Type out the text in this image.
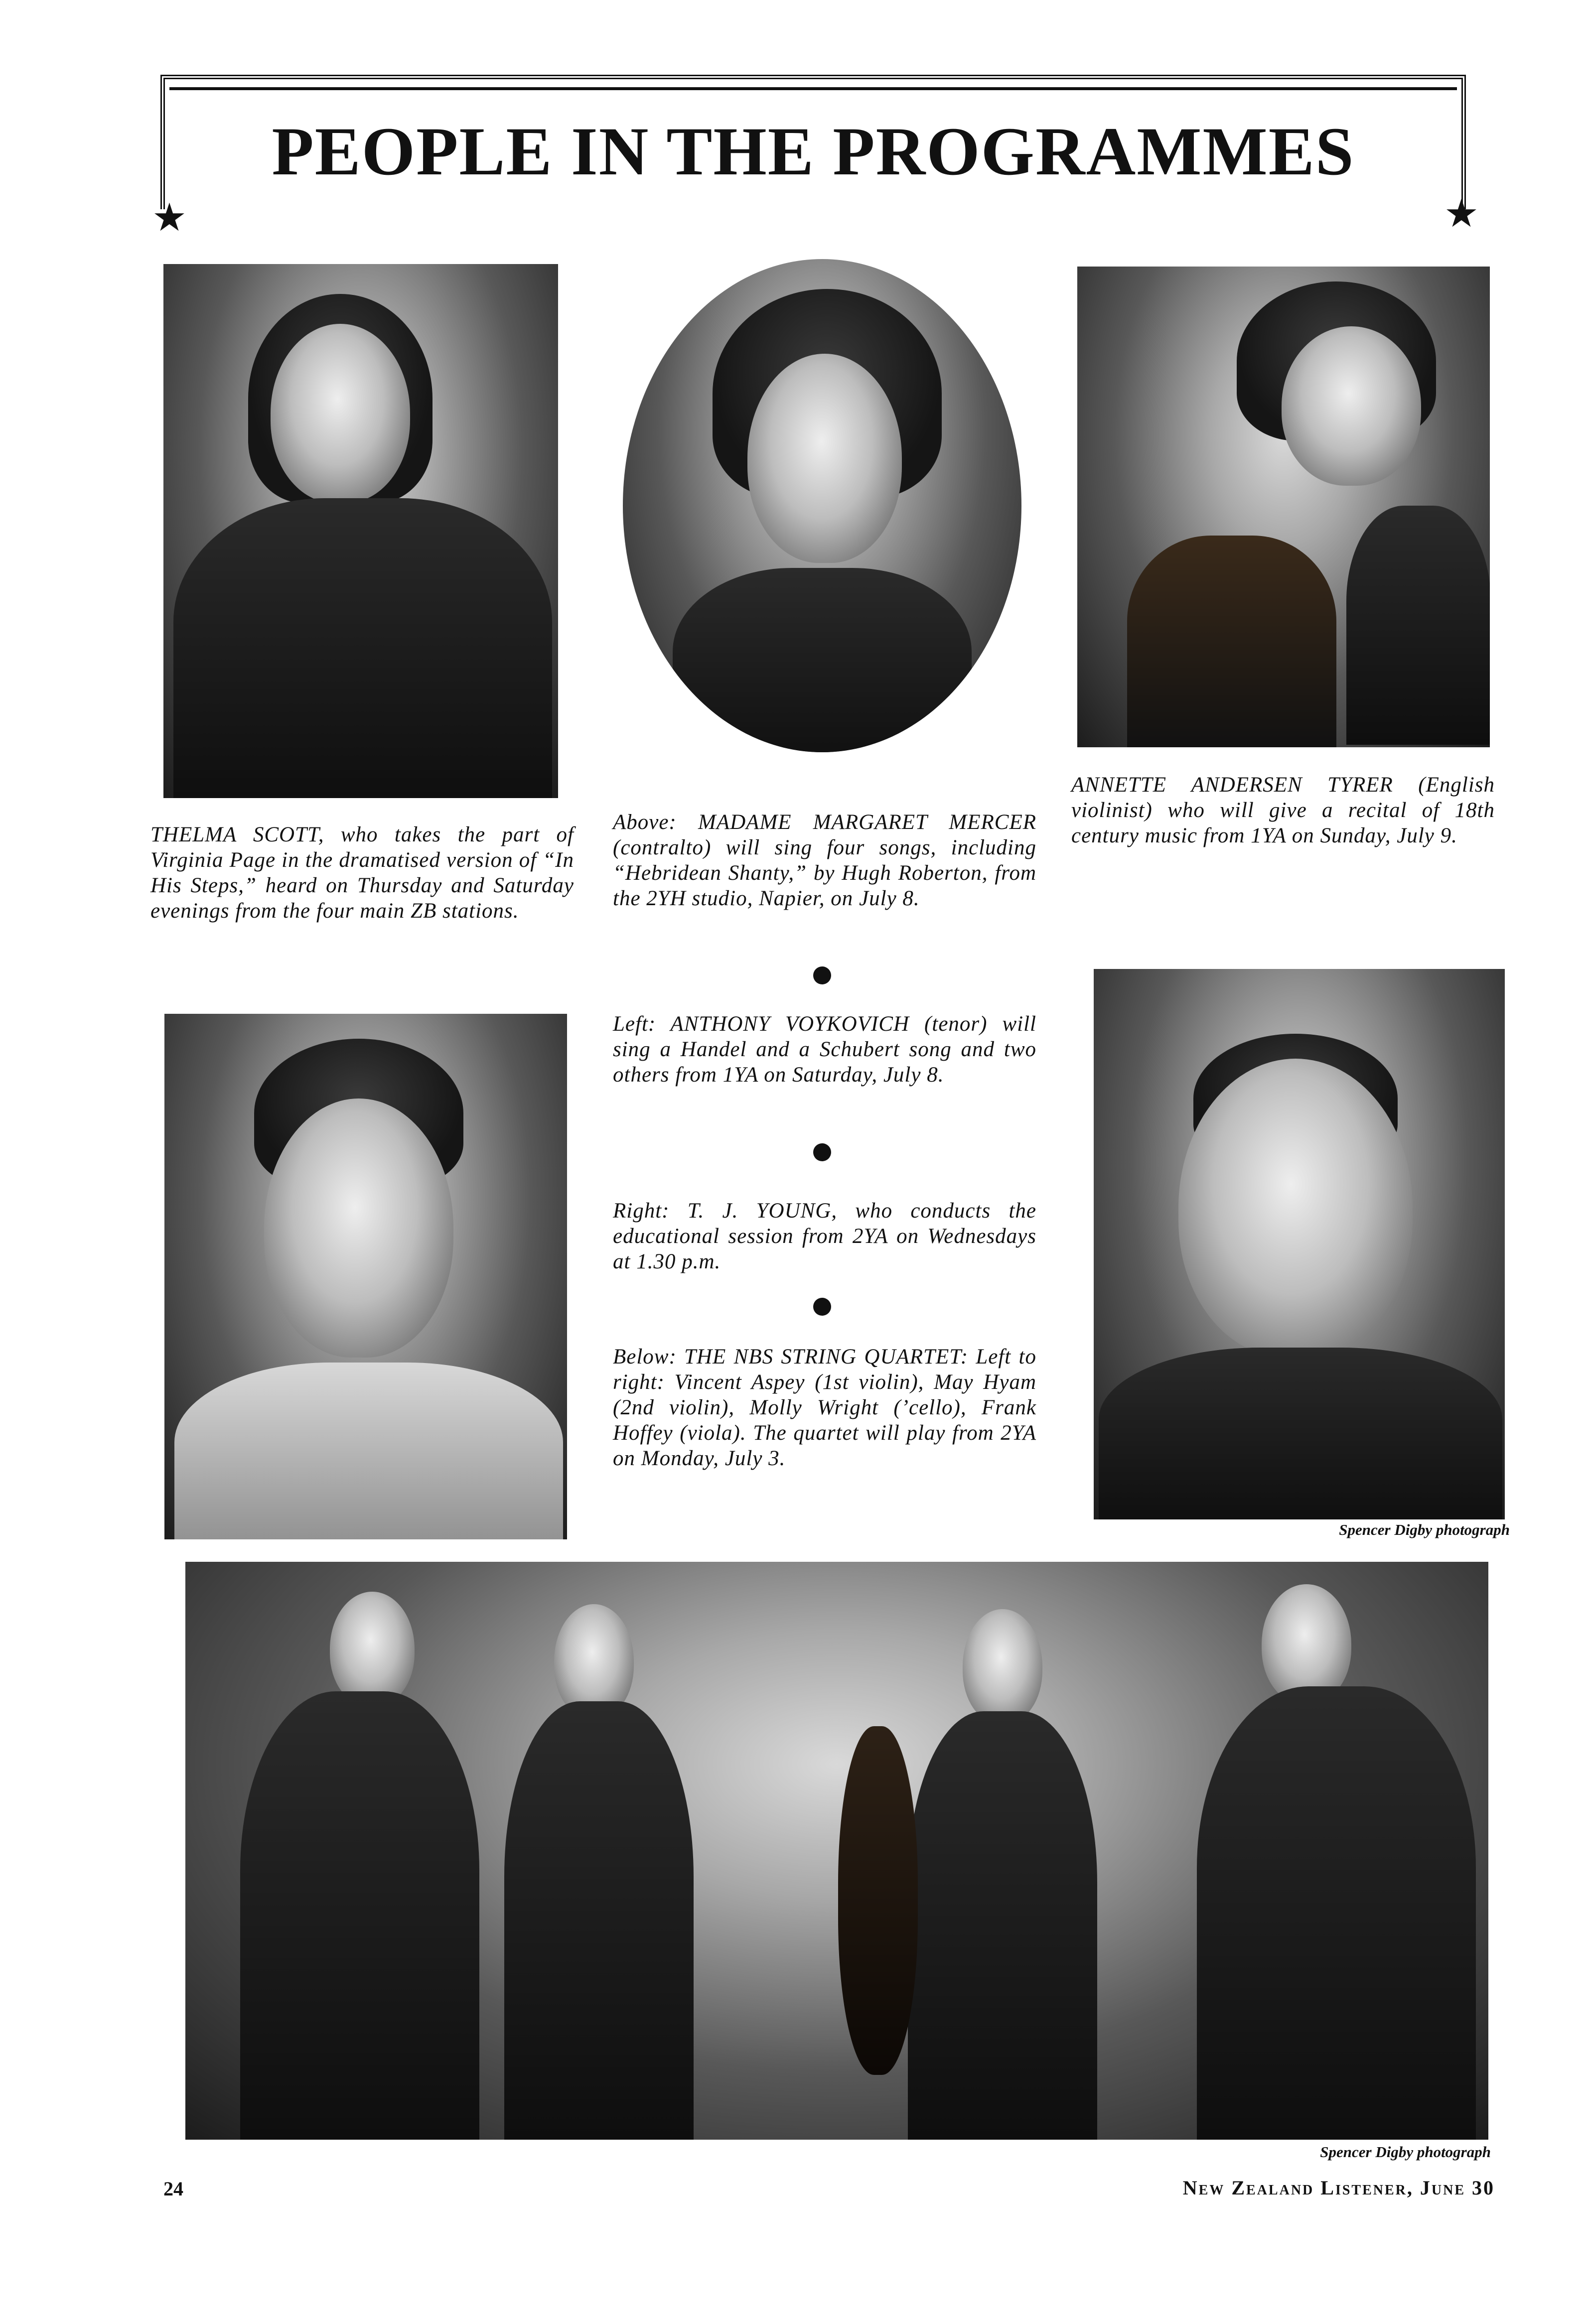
PEOPLE IN THE PROGRAMMES
★	★
THELMA SCOTT, who takes the part of Virginia Page in the dramatised version of “In His Steps,” heard on Thursday and Saturday evenings from the four main ZB stations.
Above: MADAME MARGARET MERCER (contralto) will sing four songs, including “Hebridean Shanty,” by Hugh Roberton, from the 2YH studio, Napier, on July 8.
ANNETTE ANDERSEN TYRER (English violinist) who will give a recital of 18th century music from 1YA on Sunday, July 9.
Left: ANTHONY VOYKOVICH (tenor) will sing a Handel and a Schubert song and two others from 1YA on Saturday, July 8.
Right: T. J. YOUNG, who conducts the educational session from 2YA on Wednesdays at 1.30 p.m.
Below: THE NBS STRING QUARTET: Left to right: Vincent Aspey (1st violin), May Hyam (2nd violin), Molly Wright (’cello), Frank Hoffey (viola). The quartet will play from 2YA on Monday, July 3.
Spencer Digby photograph
Spencer Digby photograph
24	New Zealand Listener, June 30
